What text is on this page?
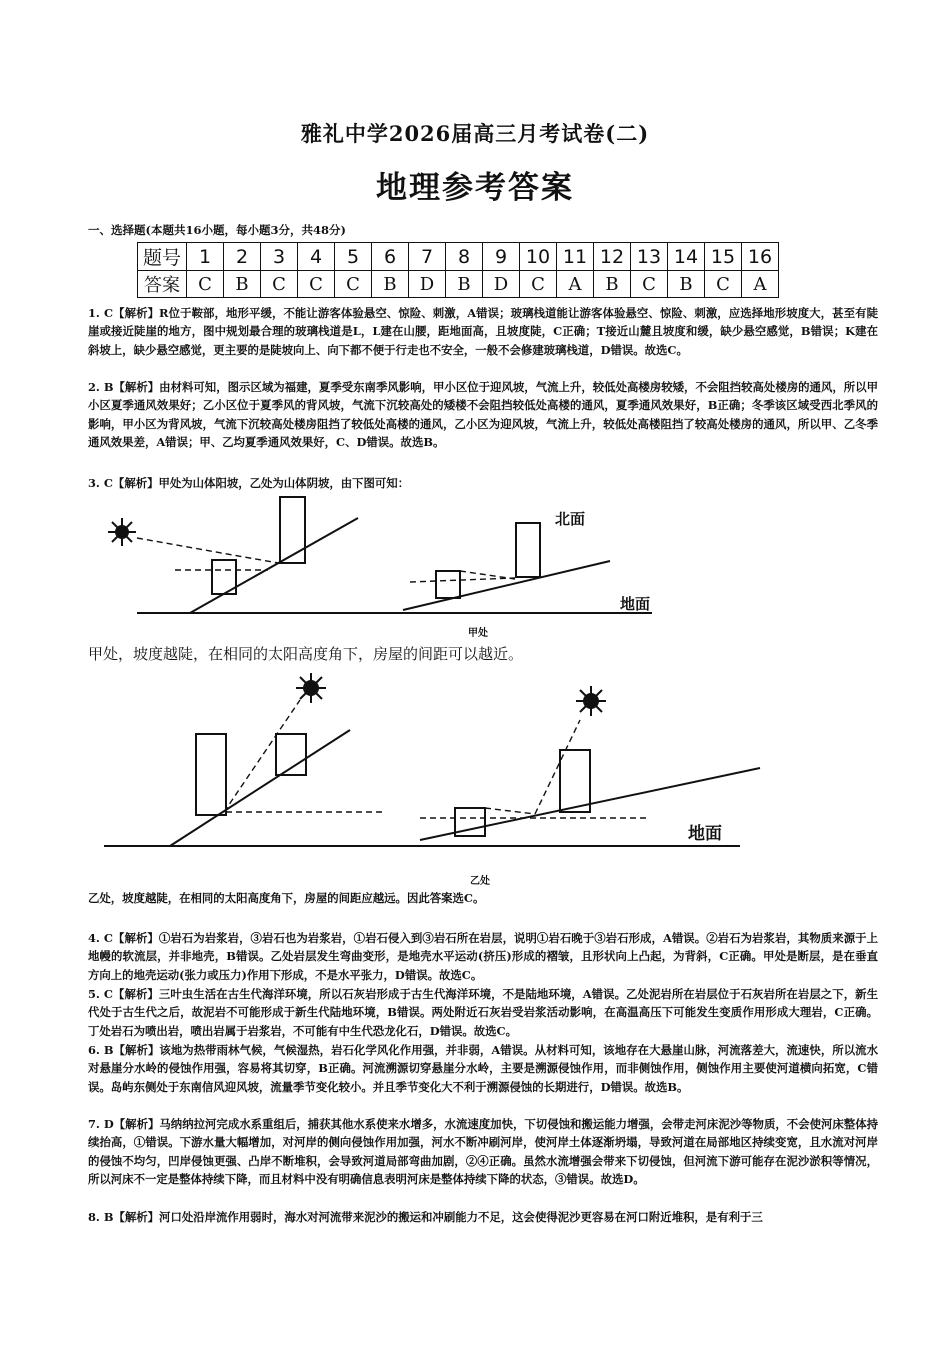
雅礼中学2026届高三月考试卷(二)
地理参考答案
一、选择题(本题共16小题，每小题3分，共48分)
题号	1	2	3	4	5	6	7	8	9	10	11	12	13	14	15	16
答案	C	B	C	C	C	B	D	B	D	C	A	B	C	B	C	A
1. C【解析】R位于鞍部，地形平缓，不能让游客体验悬空、惊险、刺激，A错误；玻璃栈道能让游客体验悬空、惊险、刺激，应选择地形坡度大，甚至有陡崖或接近陡崖的地方，图中规划最合理的玻璃栈道是L，L建在山腰，距地面高，且坡度陡，C正确；T接近山麓且坡度和缓，缺少悬空感觉，B错误；K建在斜坡上，缺少悬空感觉，更主要的是陡坡向上、向下都不便于行走也不安全，一般不会修建玻璃栈道，D错误。故选C。
2. B【解析】由材料可知，图示区域为福建，夏季受东南季风影响，甲小区位于迎风坡，气流上升，较低处高楼房较矮，不会阻挡较高处楼房的通风，所以甲小区夏季通风效果好；乙小区位于夏季风的背风坡，气流下沉较高处的矮楼不会阻挡较低处高楼的通风，夏季通风效果好，B正确；冬季该区域受西北季风的影响，甲小区为背风坡，气流下沉较高处楼房阻挡了较低处高楼的通风，乙小区为迎风坡，气流上升，较低处高楼阻挡了较高处楼房的通风，所以甲、乙冬季通风效果差，A错误；甲、乙均夏季通风效果好，C、D错误。故选B。
3. C【解析】甲处为山体阳坡，乙处为山体阴坡，由下图可知：
北面
地面
甲处
甲处，坡度越陡，在相同的太阳高度角下，房屋的间距可以越近。
地面
乙处
乙处，坡度越陡，在相同的太阳高度角下，房屋的间距应越远。因此答案选C。
4. C【解析】①岩石为岩浆岩，③岩石也为岩浆岩，①岩石侵入到③岩石所在岩层，说明①岩石晚于③岩石形成，A错误。②岩石为岩浆岩，其物质来源于上地幔的软流层，并非地壳，B错误。乙处岩层发生弯曲变形，是地壳水平运动(挤压)形成的褶皱，且形状向上凸起，为背斜，C正确。甲处是断层，是在垂直方向上的地壳运动(张力或压力)作用下形成，不是水平张力，D错误。故选C。
5. C【解析】三叶虫生活在古生代海洋环境，所以石灰岩形成于古生代海洋环境，不是陆地环境，A错误。乙处泥岩所在岩层位于石灰岩所在岩层之下，新生代处于古生代之后，故泥岩不可能形成于新生代陆地环境，B错误。两处附近石灰岩受岩浆活动影响，在高温高压下可能发生变质作用形成大理岩，C正确。丁处岩石为喷出岩，喷出岩属于岩浆岩，不可能有中生代恐龙化石，D错误。故选C。
6. B【解析】该地为热带雨林气候，气候湿热，岩石化学风化作用强，并非弱，A错误。从材料可知，该地存在大悬崖山脉，河流落差大，流速快，所以流水对悬崖分水岭的侵蚀作用强，容易将其切穿，B正确。河流溯源切穿悬崖分水岭，主要是溯源侵蚀作用，而非侧蚀作用，侧蚀作用主要使河道横向拓宽，C错误。岛屿东侧处于东南信风迎风坡，流量季节变化较小。并且季节变化大不利于溯源侵蚀的长期进行，D错误。故选B。
7. D【解析】马纳纳拉河完成水系重组后，捕获其他水系使来水增多，水流速度加快，下切侵蚀和搬运能力增强，会带走河床泥沙等物质，不会使河床整体持续抬高，①错误。下游水量大幅增加，对河岸的侧向侵蚀作用加强，河水不断冲刷河岸，使河岸土体逐渐坍塌，导致河道在局部地区持续变宽，且水流对河岸的侵蚀不均匀，凹岸侵蚀更强、凸岸不断堆积，会导致河道局部弯曲加剧，②④正确。虽然水流增强会带来下切侵蚀，但河流下游可能存在泥沙淤积等情况，所以河床不一定是整体持续下降，而且材料中没有明确信息表明河床是整体持续下降的状态，③错误。故选D。
8. B【解析】河口处沿岸流作用弱时，海水对河流带来泥沙的搬运和冲刷能力不足，这会使得泥沙更容易在河口附近堆积，是有利于三
